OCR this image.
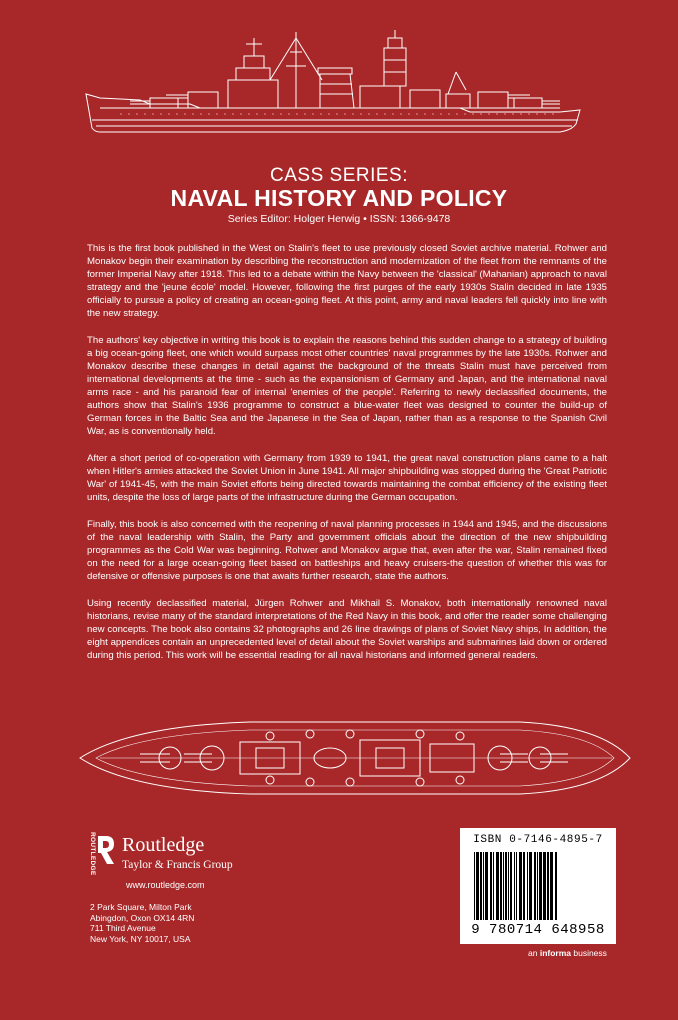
CASS SERIES:
NAVAL HISTORY AND POLICY
Series Editor: Holger Herwig • ISSN: 1366-9478

This is the first book published in the West on Stalin's fleet to use previously closed Soviet archive material. Rohwer and Monakov begin their examination by describing the reconstruction and modernization of the fleet from the remnants of the former Imperial Navy after 1918. This led to a debate within the Navy between the 'classical' (Mahanian) approach to naval strategy and the 'jeune école' model. However, following the first purges of the early 1930s Stalin decided in late 1935 officially to pursue a policy of creating an ocean-going fleet. At this point, army and naval leaders fell quickly into line with the new strategy.

The authors' key objective in writing this book is to explain the reasons behind this sudden change to a strategy of building a big ocean-going fleet, one which would surpass most other countries' naval programmes by the late 1930s. Rohwer and Monakov describe these changes in detail against the background of the threats Stalin must have perceived from international developments at the time - such as the expansionism of Germany and Japan, and the international naval arms race - and his paranoid fear of internal 'enemies of the people'. Referring to newly declassified documents, the authors show that Stalin's 1936 programme to construct a blue-water fleet was designed to counter the build-up of German forces in the Baltic Sea and the Japanese in the Sea of Japan, rather than as a response to the Spanish Civil War, as is conventionally held.

After a short period of co-operation with Germany from 1939 to 1941, the great naval construction plans came to a halt when Hitler's armies attacked the Soviet Union in June 1941. All major shipbuilding was stopped during the 'Great Patriotic War' of 1941-45, with the main Soviet efforts being directed towards maintaining the combat efficiency of the existing fleet units, despite the loss of large parts of the infrastructure during the German occupation.

Finally, this book is also concerned with the reopening of naval planning processes in 1944 and 1945, and the discussions of the naval leadership with Stalin, the Party and government officials about the direction of the new shipbuilding programmes as the Cold War was beginning. Rohwer and Monakov argue that, even after the war, Stalin remained fixed on the need for a large ocean-going fleet based on battleships and heavy cruisers-the question of whether this was for defensive or offensive purposes is one that awaits further research, state the authors.

Using recently declassified material, Jürgen Rohwer and Mikhail S. Monakov, both internationally renowned naval historians, revise many of the standard interpretations of the Red Navy in this book, and offer the reader some challenging new concepts. The book also contains 32 photographs and 26 line drawings of plans of Soviet Navy ships, In addition, the eight appendices contain an unprecedented level of detail about the Soviet warships and submarines laid down or ordered during this period. This work will be essential reading for all naval historians and informed general readers.

ROUTLEDGE Routledge
Taylor & Francis Group
www.routledge.com
2 Park Square, Milton Park
Abingdon, Oxon OX14 4RN
711 Third Avenue
New York, NY 10017, USA
ISBN 0-7146-4895-7
9 780714 648958
an informa business
